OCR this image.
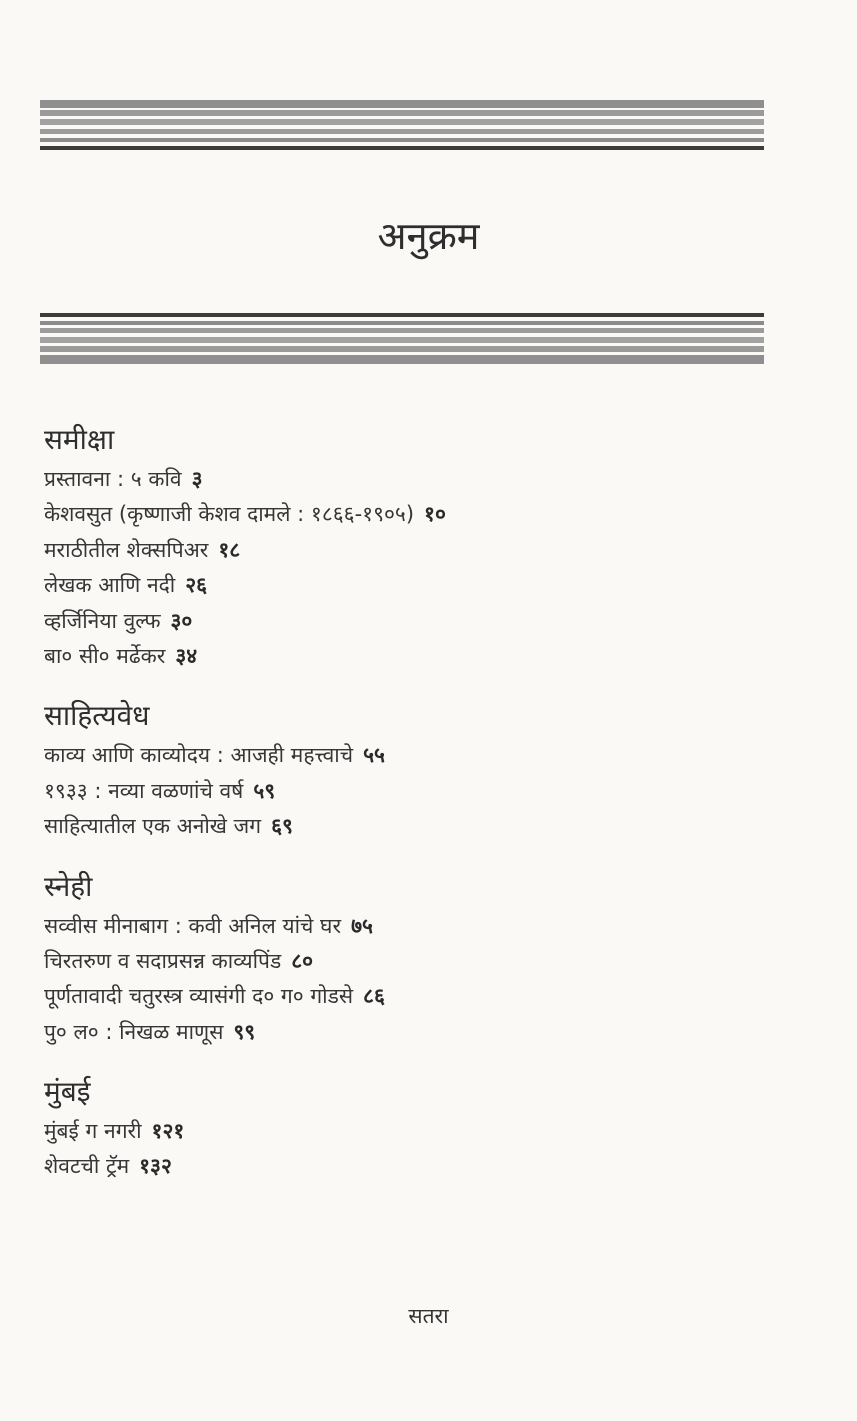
अनुक्रम
समीक्षा
प्रस्तावना : ५ कवि ३
केशवसुत (कृष्णाजी केशव दामले : १८६६-१९०५) १०
मराठीतील शेक्सपिअर १८
लेखक आणि नदी २६
व्हर्जिनिया वुल्फ ३०
बा० सी० मर्ढेकर ३४
साहित्यवेध
काव्य आणि काव्योदय : आजही महत्त्वाचे ५५
१९३३ : नव्या वळणांचे वर्ष ५९
साहित्यातील एक अनोखे जग ६९
स्नेही
सव्वीस मीनाबाग : कवी अनिल यांचे घर ७५
चिरतरुण व सदाप्रसन्न काव्यपिंड ८०
पूर्णतावादी चतुरस्त्र व्यासंगी द० ग० गोडसे ८६
पु० ल० : निखळ माणूस ९९
मुंबई
मुंबई ग नगरी १२१
शेवटची ट्रॅम १३२
सतरा
